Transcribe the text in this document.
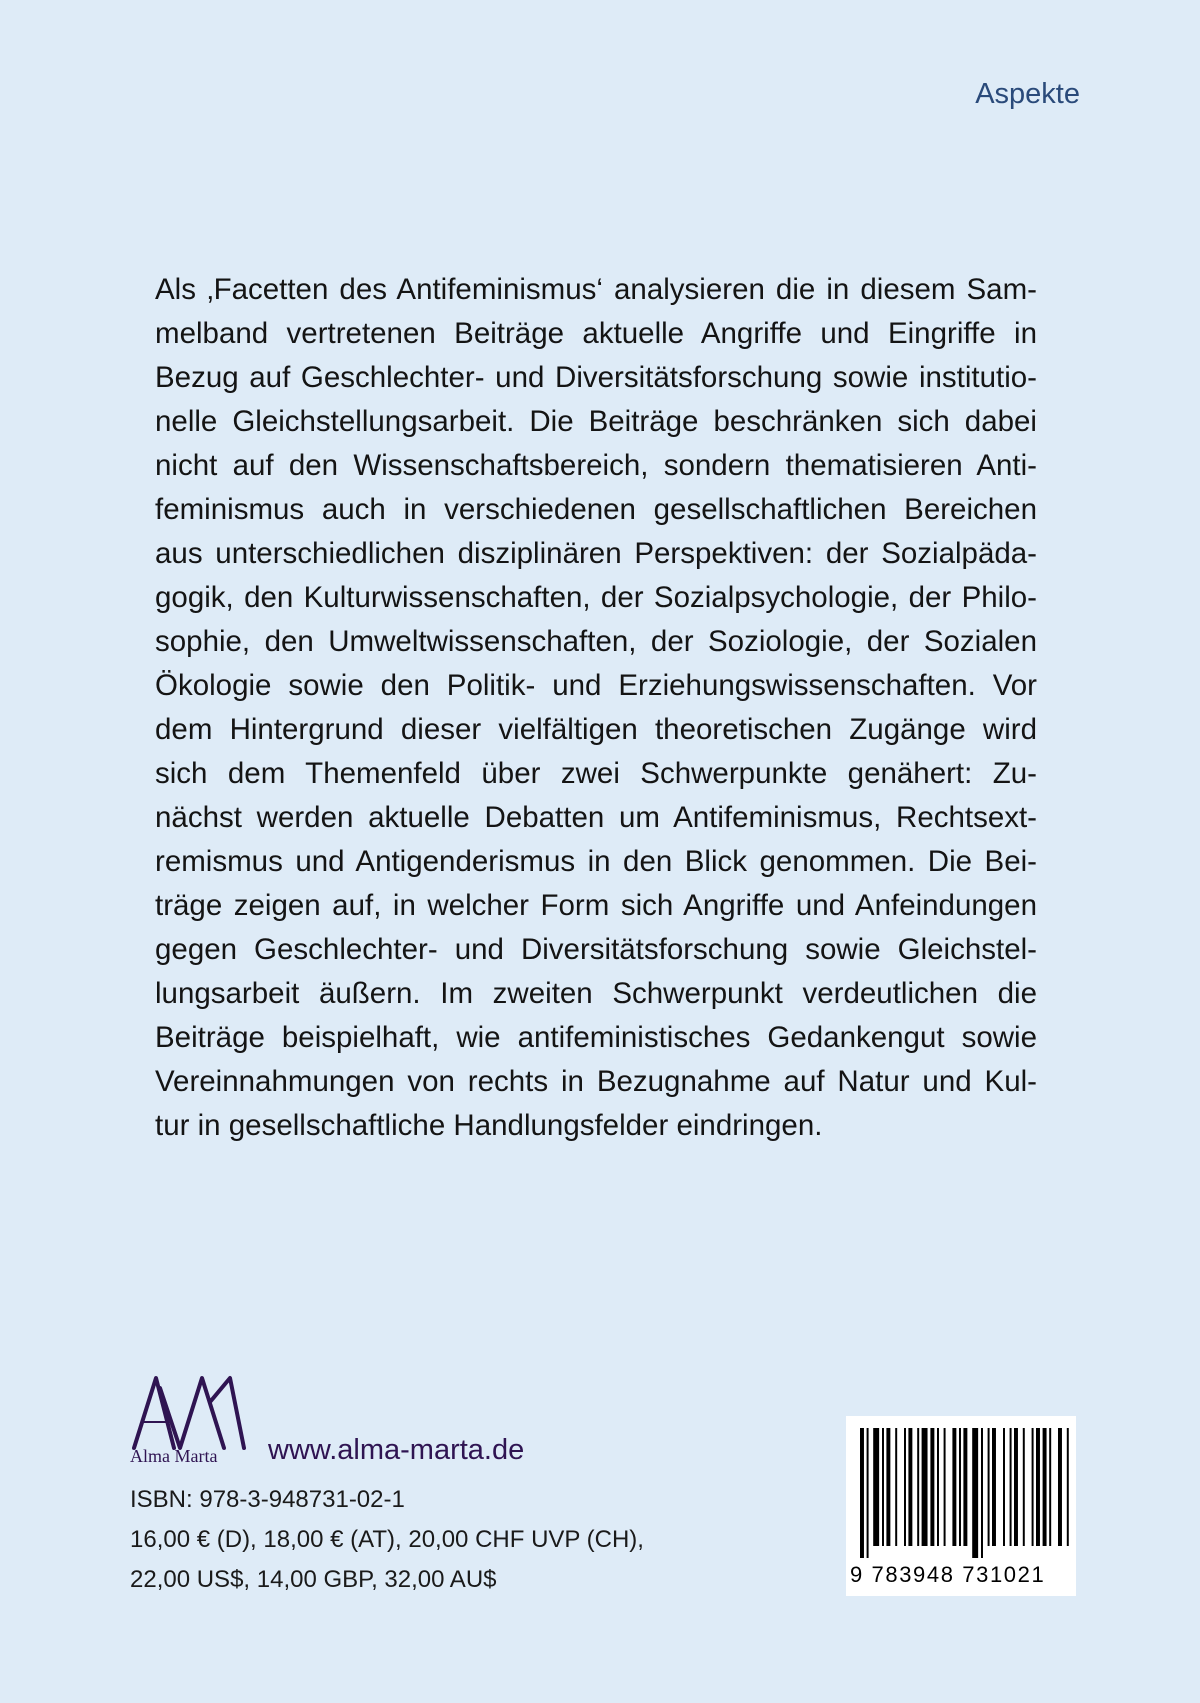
Aspekte
Als ‚Facetten des Antifeminismus‘ analysieren die in diesem Sam-
melband vertretenen Beiträge aktuelle Angriffe und Eingriffe in
Bezug auf Geschlechter- und Diversitätsforschung sowie institutio-
nelle Gleichstellungsarbeit. Die Beiträge beschränken sich dabei
nicht auf den Wissenschaftsbereich, sondern thematisieren Anti-
feminismus auch in verschiedenen gesellschaftlichen Bereichen
aus unterschiedlichen disziplinären Perspektiven: der Sozialpäda-
gogik, den Kulturwissenschaften, der Sozialpsychologie, der Philo-
sophie, den Umweltwissenschaften, der Soziologie, der Sozialen
Ökologie sowie den Politik- und Erziehungswissenschaften. Vor
dem Hintergrund dieser vielfältigen theoretischen Zugänge wird
sich dem Themenfeld über zwei Schwerpunkte genähert: Zu-
nächst werden aktuelle Debatten um Antifeminismus, Rechtsext-
remismus und Antigenderismus in den Blick genommen. Die Bei-
träge zeigen auf, in welcher Form sich Angriffe und Anfeindungen
gegen Geschlechter- und Diversitätsforschung sowie Gleichstel-
lungsarbeit äußern. Im zweiten Schwerpunkt verdeutlichen die
Beiträge beispielhaft, wie antifeministisches Gedankengut sowie
Vereinnahmungen von rechts in Bezugnahme auf Natur und Kul-
tur in gesellschaftliche Handlungsfelder eindringen.
Alma Marta	www.alma-marta.de
ISBN: 978-3-948731-02-1
16,00 € (D), 18,00 € (AT), 20,00 CHF UVP (CH),
22,00 US$, 14,00 GBP, 32,00 AU$	9 783948 731021
